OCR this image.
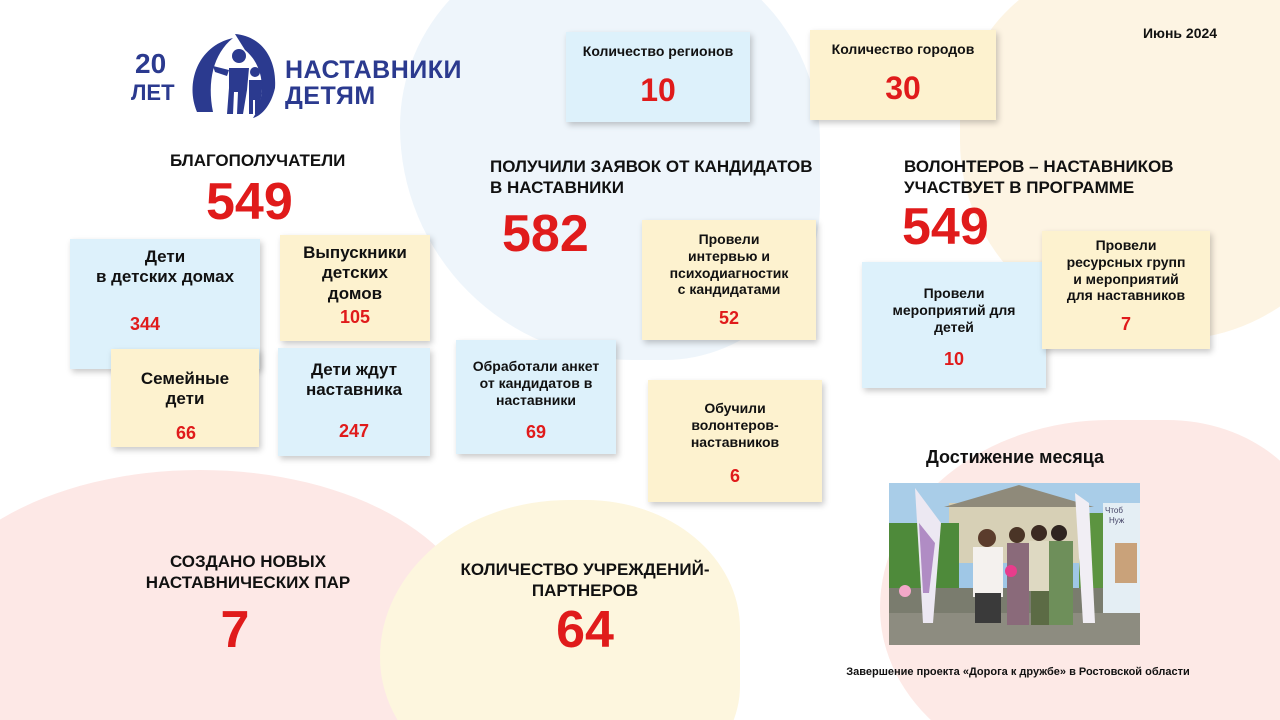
Июнь 2024
20
ЛЕТ
НАСТАВНИКИ
ДЕТЯМ
Количество регионов
10
Количество городов
30
БЛАГОПОЛУЧАТЕЛИ
549
Дети
в детских домах
344
Выпускники
детских
домов
105
Семейные
дети
66
Дети ждут
наставника
247
ПОЛУЧИЛИ ЗАЯВОК ОТ КАНДИДАТОВ
В НАСТАВНИКИ
582	Провели
интервью и
психодиагностик
с кандидатами
52
Обработали анкет
от кандидатов в
наставники
69
Обучили
волонтеров-
наставников
6
ВОЛОНТЕРОВ – НАСТАВНИКОВ
УЧАСТВУЕТ В ПРОГРАММЕ
549
Провели
мероприятий для
детей
10
Провели
ресурсных групп
и мероприятий
для наставников
7
СОЗДАНО НОВЫХ
НАСТАВНИЧЕСКИХ ПАР
7
КОЛИЧЕСТВО УЧРЕЖДЕНИЙ-
ПАРТНЕРОВ
64
Достижение месяца
Чтоб
Нуж
Завершение проекта «Дорога к дружбе» в Ростовской области
